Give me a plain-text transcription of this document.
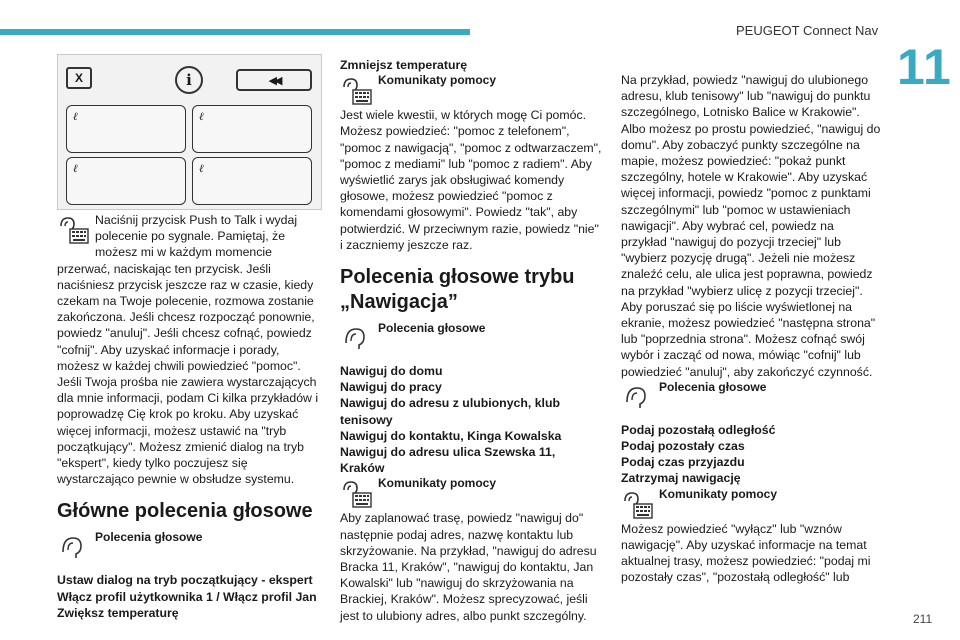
PEUGEOT Connect Nav
11
211
X	i	◀◀
ℓ	ℓ
ℓ	ℓ

Naciśnij przycisk Push to Talk i wydaj polecenie po sygnale. Pamiętaj, że możesz mi w każdym momencie przerwać, naciskając ten przycisk. Jeśli naciśniesz przycisk jeszcze raz w czasie, kiedy czekam na Twoje polecenie, rozmowa zostanie zakończona. Jeśli chcesz rozpocząć ponownie, powiedz "anuluj". Jeśli chcesz cofnąć, powiedz "cofnij". Aby uzyskać informacje i porady, możesz w każdej chwili powiedzieć "pomoc". Jeśli Twoja prośba nie zawiera wystarczających dla mnie informacji, podam Ci kilka przykładów i poprowadzę Cię krok po kroku. Aby uzyskać więcej informacji, możesz ustawić na "tryb początkujący". Możesz zmienić dialog na tryb "ekspert", kiedy tylko poczujesz się wystarczająco pewnie w obsłudze systemu.

Główne polecenia głosowe
Polecenia głosowe

Ustaw dialog na tryb początkujący - ekspert

Włącz profil użytkownika 1 / Włącz profil Jan

Zwiększ temperaturę

Zmniejsz temperaturę

Komunikaty pomocy

Jest wiele kwestii, w których mogę Ci pomóc. Możesz powiedzieć: "pomoc z telefonem", "pomoc z nawigacją", "pomoc z odtwarzaczem", "pomoc z mediami" lub "pomoc z radiem". Aby wyświetlić zarys jak obsługiwać komendy głosowe, możesz powiedzieć "pomoc z komendami głosowymi". Powiedz "tak", aby potwierdzić. W przeciwnym razie, powiedz "nie" i zaczniemy jeszcze raz.

Polecenia głosowe trybu „Nawigacja”
Polecenia głosowe

Nawiguj do domu

Nawiguj do pracy

Nawiguj do adresu z ulubionych, klub tenisowy

Nawiguj do kontaktu, Kinga Kowalska

Nawiguj do adresu ulica Szewska 11, Kraków

Komunikaty pomocy

Aby zaplanować trasę, powiedz "nawiguj do" następnie podaj adres, nazwę kontaktu lub skrzyżowanie. Na przykład, "nawiguj do adresu Bracka 11, Kraków", "nawiguj do kontaktu, Jan Kowalski" lub "nawiguj do skrzyżowania na Brackiej, Kraków". Możesz sprecyzować, jeśli jest to ulubiony adres, albo punkt szczególny.

Na przykład, powiedz "nawiguj do ulubionego adresu, klub tenisowy" lub "nawiguj do punktu szczególnego, Lotnisko Balice w Krakowie". Albo możesz po prostu powiedzieć, "nawiguj do domu". Aby zobaczyć punkty szczególne na mapie, możesz powiedzieć: "pokaż punkt szczególny, hotele w Krakowie". Aby uzyskać więcej informacji, powiedz "pomoc z punktami szczególnymi" lub "pomoc w ustawieniach nawigacji". Aby wybrać cel, powiedz na przykład "nawiguj do pozycji trzeciej" lub "wybierz pozycję drugą". Jeżeli nie możesz znaleźć celu, ale ulica jest poprawna, powiedz na przykład "wybierz ulicę z pozycji trzeciej". Aby poruszać się po liście wyświetlonej na ekranie, możesz powiedzieć "następna strona" lub "poprzednia strona". Możesz cofnąć swój wybór i zacząć od nowa, mówiąc "cofnij" lub powiedzieć "anuluj", aby zakończyć czynność.

Polecenia głosowe

Podaj pozostałą odległość

Podaj pozostały czas

Podaj czas przyjazdu

Zatrzymaj nawigację

Komunikaty pomocy

Możesz powiedzieć "wyłącz" lub "wznów nawigację". Aby uzyskać informacje na temat aktualnej trasy, możesz powiedzieć: "podaj mi pozostały czas", "pozostałą odległość" lub
